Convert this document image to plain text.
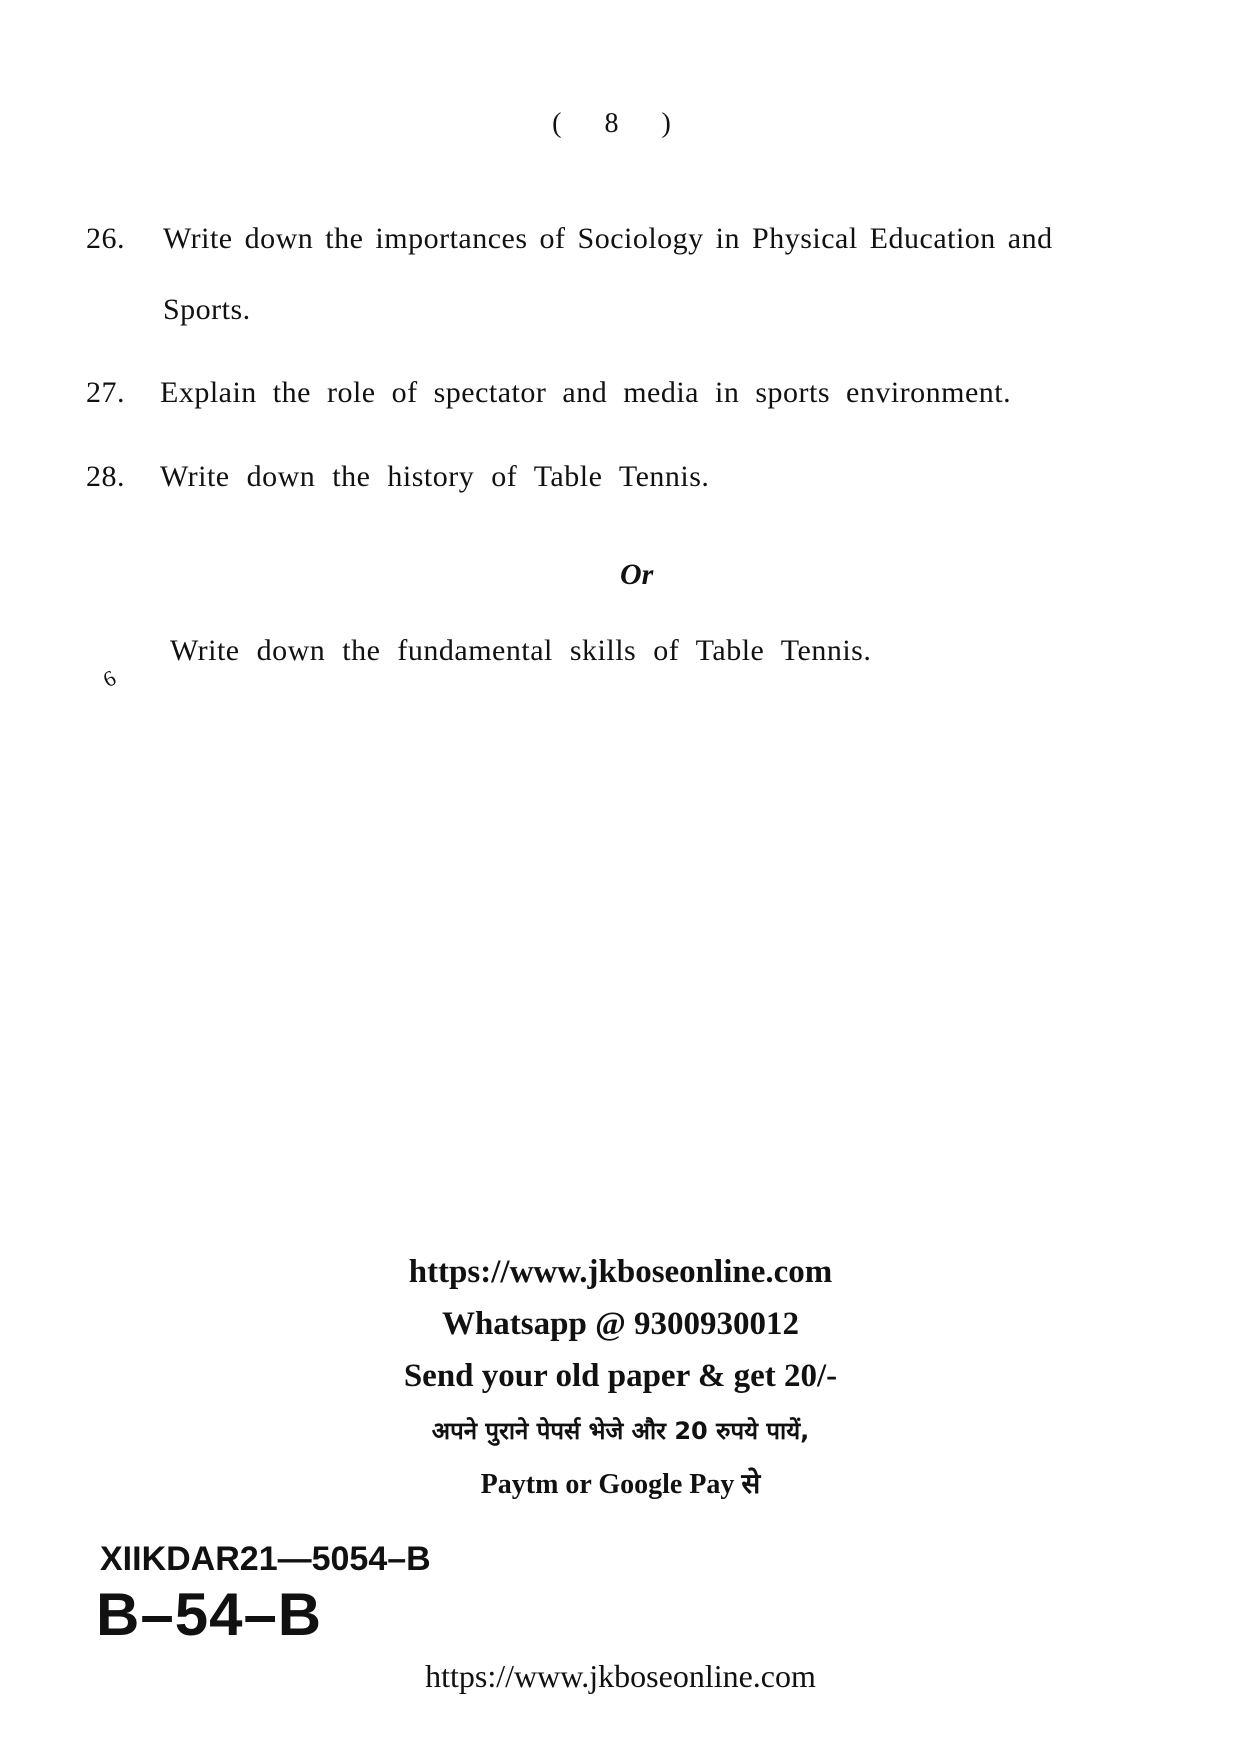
( 8 )
26.	Write down the importances of Sociology in Physical Education and
Sports.
27.	Explain the role of spectator and media in sports environment.
28.	Write down the history of Table Tennis.
Or
6
Write down the fundamental skills of Table Tennis.
https://www.jkboseonline.com
Whatsapp @ 9300930012
Send your old paper & get 20/-
अपने पुराने पेपर्स भेजे और 20 रुपये पायें,
Paytm or Google Pay से
XIIKDAR21—5054–B
B–54–B
https://www.jkboseonline.com
